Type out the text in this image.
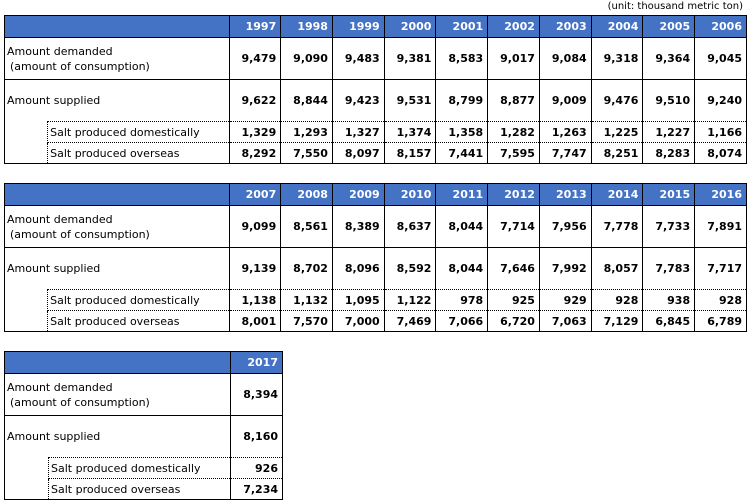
(unit: thousand metric ton)
		1997	1998	1999	2000	2001	2002	2003	2004	2005	2006

Amount demanded
(amount of consumption)		9,479	9,090	9,483	9,381	8,583	9,017	9,084	9,318	9,364	9,045
Amount supplied		9,622	8,844	9,423	9,531	8,799	8,877	9,009	9,476	9,510	9,240
	Salt produced domestically	1,329	1,293	1,327	1,374	1,358	1,282	1,263	1,225	1,227	1,166
	Salt produced overseas	8,292	7,550	8,097	8,157	7,441	7,595	7,747	8,251	8,283	8,074
		2007	2008	2009	2010	2011	2012	2013	2014	2015	2016

Amount demanded
(amount of consumption)		9,099	8,561	8,389	8,637	8,044	7,714	7,956	7,778	7,733	7,891
Amount supplied		9,139	8,702	8,096	8,592	8,044	7,646	7,992	8,057	7,783	7,717
	Salt produced domestically	1,138	1,132	1,095	1,122	978	925	929	928	938	928
	Salt produced overseas	8,001	7,570	7,000	7,469	7,066	6,720	7,063	7,129	6,845	6,789
		2017

Amount demanded
(amount of consumption)		8,394
Amount supplied		8,160
	Salt produced domestically	926
	Salt produced overseas	7,234
